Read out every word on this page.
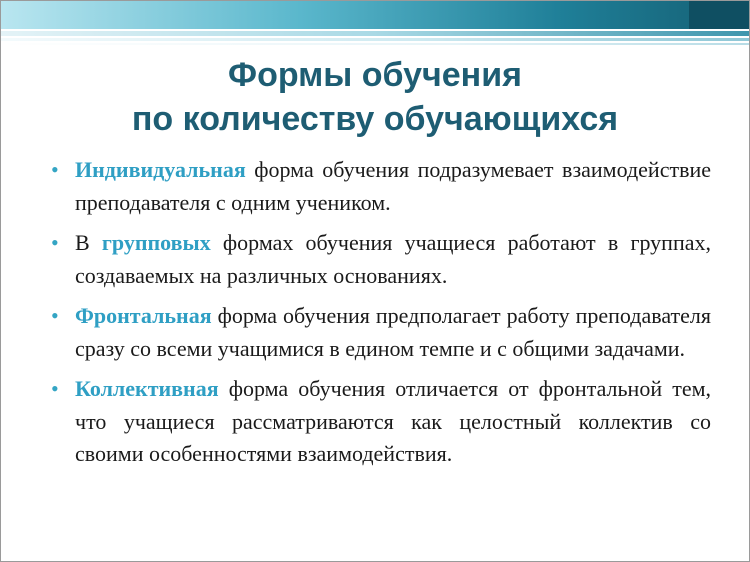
Формы обучения
по количеству обучающихся
• Индивидуальная форма обучения подразумевает взаимодействие преподавателя с одним учеником.
• В групповых формах обучения учащиеся работают в группах, создаваемых на различных основаниях.
• Фронтальная форма обучения предполагает работу преподавателя сразу со всеми учащимися в едином темпе и с общими задачами.
• Коллективная форма обучения отличается от фронтальной тем, что учащиеся рассматриваются как целостный коллектив со своими особенностями взаимодействия.
